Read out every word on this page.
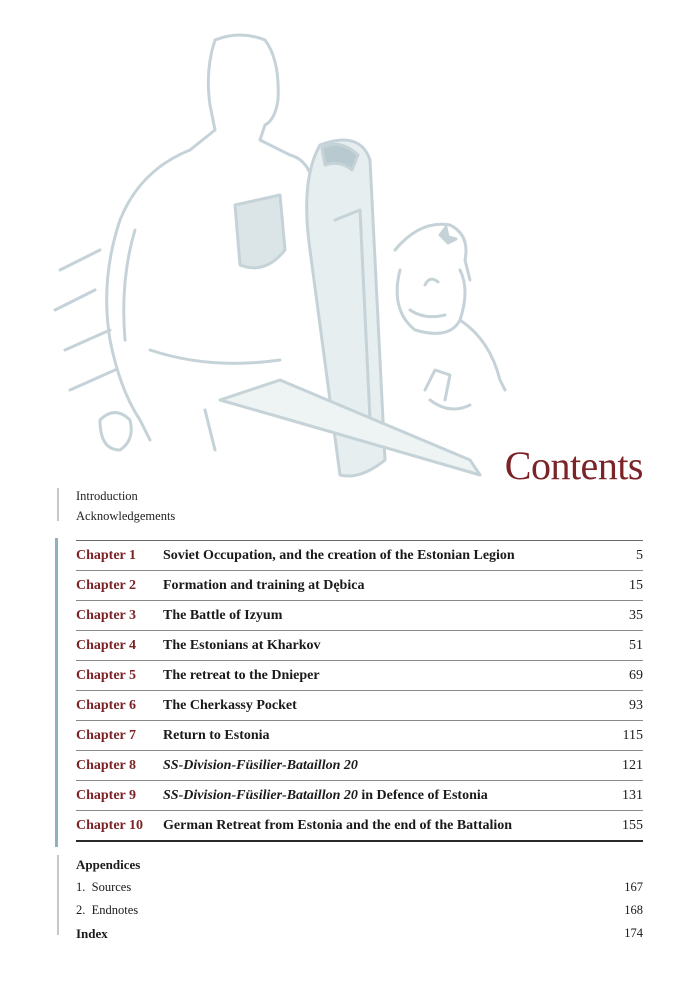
Contents
Introduction
Acknowledgements
Chapter 1	Soviet Occupation, and the creation of the Estonian Legion	5
Chapter 2	Formation and training at Dębica	15
Chapter 3	The Battle of Izyum	35
Chapter 4	The Estonians at Kharkov	51
Chapter 5	The retreat to the Dnieper	69
Chapter 6	The Cherkassy Pocket	93
Chapter 7	Return to Estonia	115
Chapter 8	SS-Division-Füsilier-Bataillon 20	121
Chapter 9	SS-Division-Füsilier-Bataillon 20 in Defence of Estonia	131
Chapter 10	German Retreat from Estonia and the end of the Battalion	155
Appendices
1.  Sources	167
2.  Endnotes	168
Index	174
